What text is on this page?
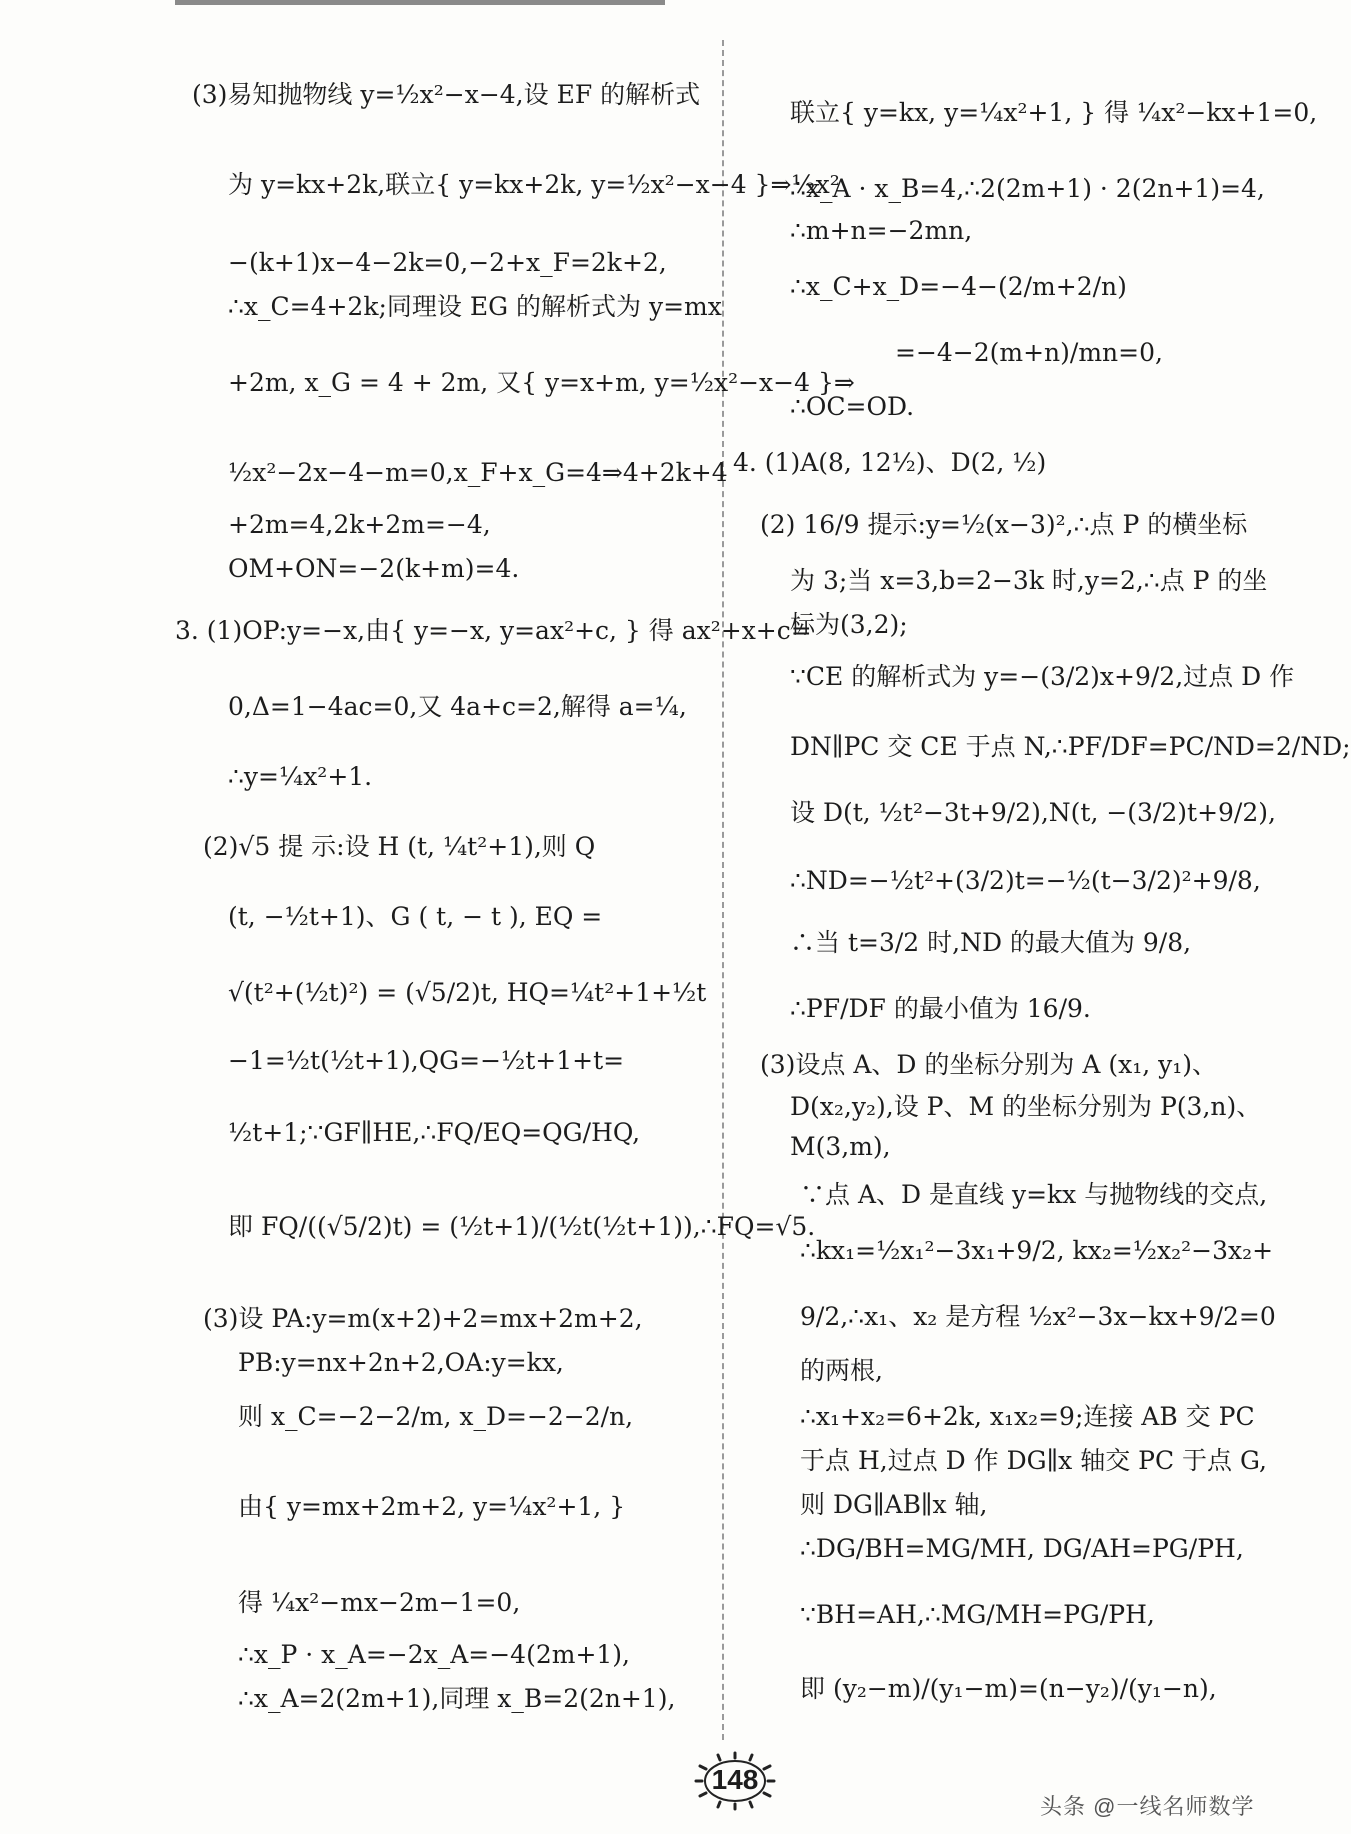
(3)易知抛物线 y=½x²−x−4,设 EF 的解析式
为 y=kx+2k,联立{ y=kx+2k, y=½x²−x−4 }⇒½x²
−(k+1)x−4−2k=0,−2+x_F=2k+2,
∴x_C=4+2k;同理设 EG 的解析式为 y=mx
+2m, x_G = 4 + 2m, 又{ y=x+m, y=½x²−x−4 }⇒
½x²−2x−4−m=0,x_F+x_G=4⇒4+2k+4
+2m=4,2k+2m=−4,
OM+ON=−2(k+m)=4.
3. (1)OP:y=−x,由{ y=−x, y=ax²+c, } 得 ax²+x+c=
0,Δ=1−4ac=0,又 4a+c=2,解得 a=¼,
∴y=¼x²+1.
(2)√5 提 示:设 H (t, ¼t²+1),则 Q
(t, −½t+1)、G ( t, − t ), EQ =
√(t²+(½t)²) = (√5/2)t, HQ=¼t²+1+½t
−1=½t(½t+1),QG=−½t+1+t=
½t+1;∵GF∥HE,∴FQ/EQ=QG/HQ,
即 FQ/((√5/2)t) = (½t+1)/(½t(½t+1)),∴FQ=√5.
(3)设 PA:y=m(x+2)+2=mx+2m+2,
PB:y=nx+2n+2,OA:y=kx,
则 x_C=−2−2/m, x_D=−2−2/n,
由{ y=mx+2m+2, y=¼x²+1, }
得 ¼x²−mx−2m−1=0,
∴x_P · x_A=−2x_A=−4(2m+1),
∴x_A=2(2m+1),同理 x_B=2(2n+1),
联立{ y=kx, y=¼x²+1, } 得 ¼x²−kx+1=0,
∴x_A · x_B=4,∴2(2m+1) · 2(2n+1)=4,
∴m+n=−2mn,
∴x_C+x_D=−4−(2/m+2/n)
=−4−2(m+n)/mn=0,
∴OC=OD.
4. (1)A(8, 12½)、D(2, ½)
(2) 16/9 提示:y=½(x−3)²,∴点 P 的横坐标
为 3;当 x=3,b=2−3k 时,y=2,∴点 P 的坐
标为(3,2);
∵CE 的解析式为 y=−(3/2)x+9/2,过点 D 作
DN∥PC 交 CE 于点 N,∴PF/DF=PC/ND=2/ND;
设 D(t, ½t²−3t+9/2),N(t, −(3/2)t+9/2),
∴ND=−½t²+(3/2)t=−½(t−3/2)²+9/8,
∴当 t=3/2 时,ND 的最大值为 9/8,
∴PF/DF 的最小值为 16/9.
(3)设点 A、D 的坐标分别为 A (x₁, y₁)、
D(x₂,y₂),设 P、M 的坐标分别为 P(3,n)、
M(3,m),
∵点 A、D 是直线 y=kx 与抛物线的交点,
∴kx₁=½x₁²−3x₁+9/2, kx₂=½x₂²−3x₂+
9/2,∴x₁、x₂ 是方程 ½x²−3x−kx+9/2=0
的两根,
∴x₁+x₂=6+2k, x₁x₂=9;连接 AB 交 PC
于点 H,过点 D 作 DG∥x 轴交 PC 于点 G,
则 DG∥AB∥x 轴,
∴DG/BH=MG/MH, DG/AH=PG/PH,
∵BH=AH,∴MG/MH=PG/PH,
即 (y₂−m)/(y₁−m)=(n−y₂)/(y₁−n),
148
头条 @一线名师数学
